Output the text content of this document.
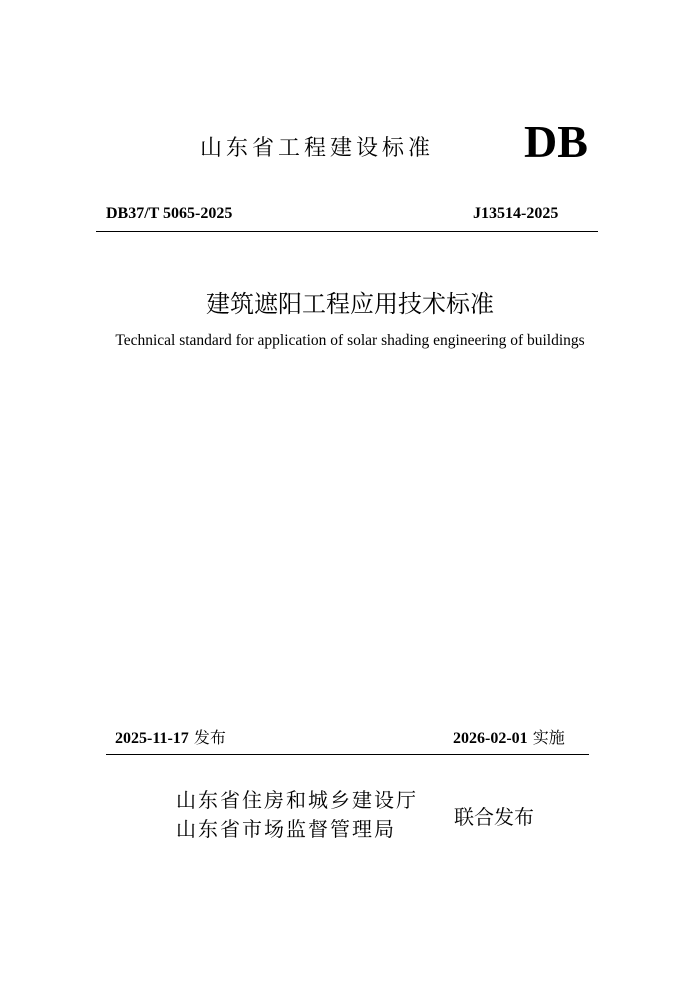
山东省工程建设标准 DB
DB37/T 5065-2025	J13514-2025
建筑遮阳工程应用技术标准
Technical standard for application of solar shading engineering of buildings
2025-11-17 发布	2026-02-01 实施
山东省住房和城乡建设厅
山东省市场监督管理局	联合发布
